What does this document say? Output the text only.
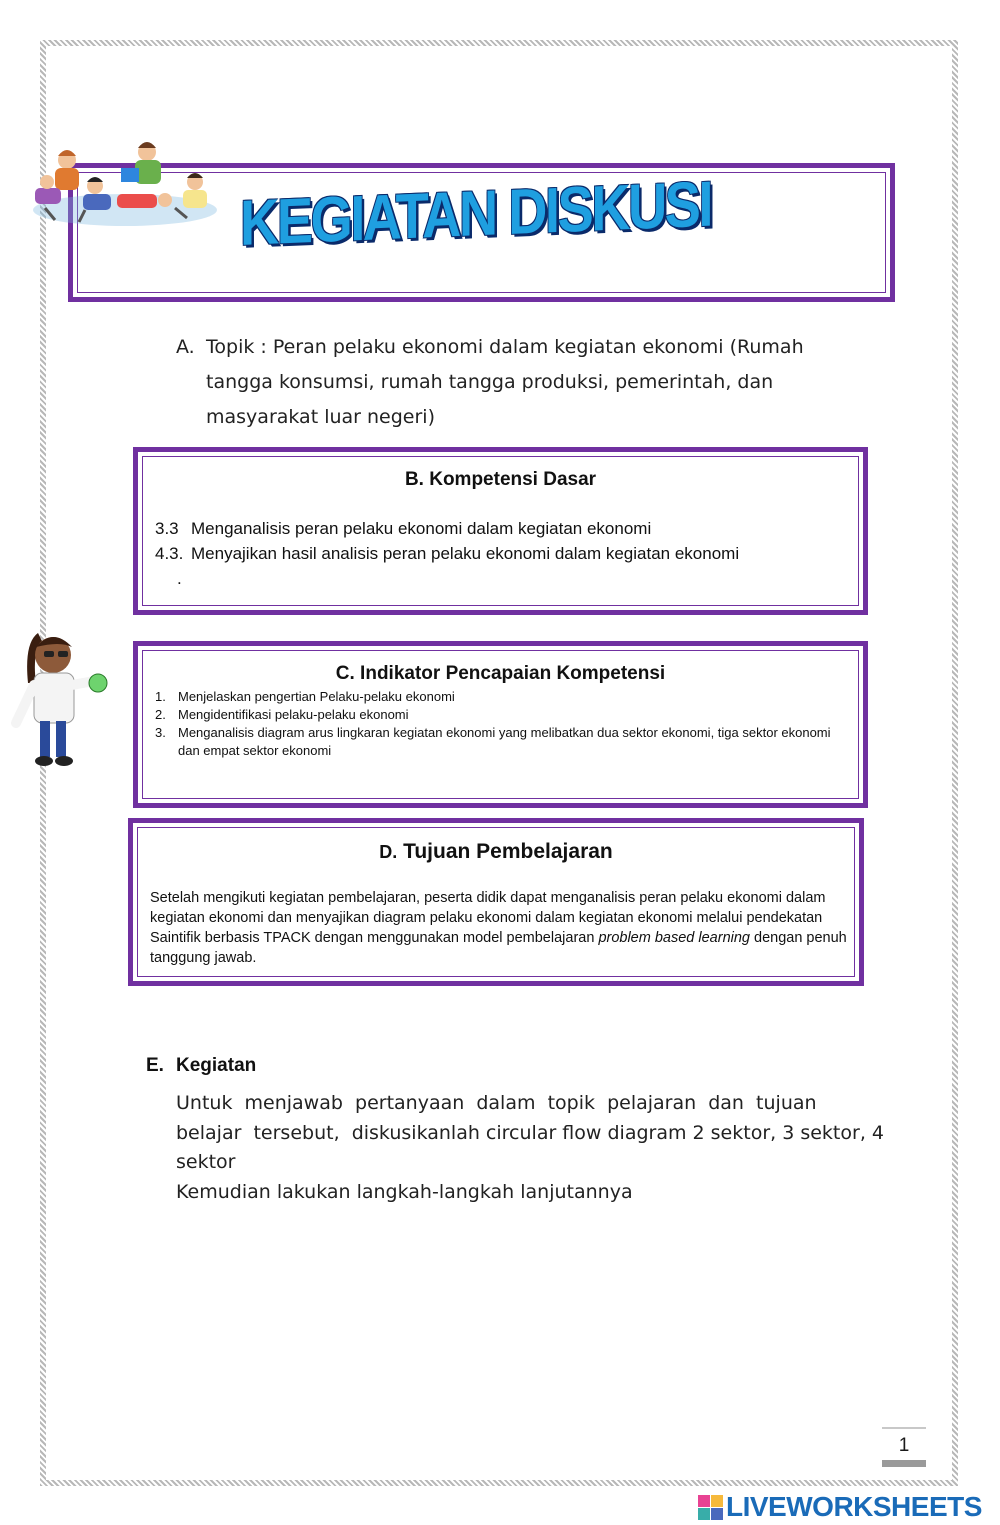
KEGIATAN DISKUSI
A. Topik : Peran pelaku ekonomi dalam kegiatan ekonomi (Rumah tangga konsumsi, rumah tangga produksi, pemerintah, dan masyarakat luar negeri)
B. Kompetensi Dasar
3.3 Menganalisis peran pelaku ekonomi dalam kegiatan ekonomi
4.3. Menyajikan hasil analisis peran pelaku ekonomi dalam kegiatan ekonomi
.
C. Indikator Pencapaian Kompetensi
1. Menjelaskan pengertian Pelaku-pelaku ekonomi
2. Mengidentifikasi pelaku-pelaku ekonomi
3. Menganalisis diagram arus lingkaran kegiatan ekonomi yang melibatkan dua sektor ekonomi, tiga sektor ekonomi dan empat sektor ekonomi
D. Tujuan Pembelajaran
Setelah mengikuti kegiatan pembelajaran, peserta didik dapat menganalisis peran pelaku ekonomi dalam kegiatan ekonomi dan menyajikan diagram pelaku ekonomi dalam kegiatan ekonomi melalui pendekatan Saintifik berbasis TPACK dengan menggunakan model pembelajaran problem based learning dengan penuh tanggung jawab.
E. Kegiatan
Untuk  menjawab  pertanyaan  dalam  topik  pelajaran  dan  tujuan
belajar  tersebut,  diskusikanlah circular flow diagram 2 sektor, 3 sektor, 4 sektor
Kemudian lakukan langkah-langkah lanjutannya
1
LIVEWORKSHEETS
